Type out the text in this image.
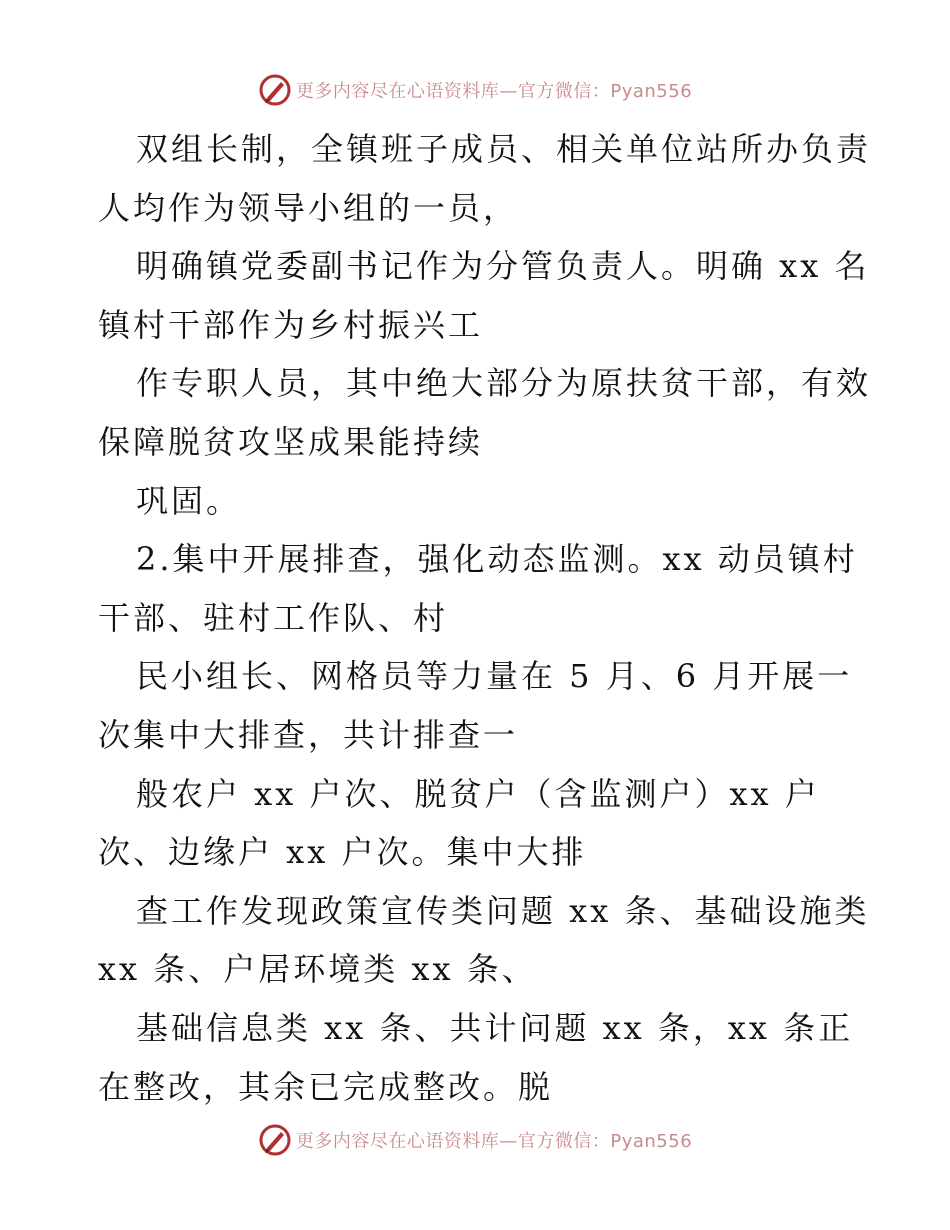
更多内容尽在心语资料库—官方微信：Pyan556
双组长制，全镇班子成员、相关单位站所办负责
人均作为领导小组的一员，
明确镇党委副书记作为分管负责人。明确 xx 名
镇村干部作为乡村振兴工
作专职人员，其中绝大部分为原扶贫干部，有效
保障脱贫攻坚成果能持续
巩固。
2.集中开展排查，强化动态监测。xx 动员镇村
干部、驻村工作队、村
民小组长、网格员等力量在 5 月、6 月开展一
次集中大排查，共计排查一
般农户 xx 户次、脱贫户（含监测户）xx 户
次、边缘户 xx 户次。集中大排
查工作发现政策宣传类问题 xx 条、基础设施类
xx 条、户居环境类 xx 条、
基础信息类 xx 条、共计问题 xx 条，xx 条正
在整改，其余已完成整改。脱
更多内容尽在心语资料库—官方微信：Pyan556
